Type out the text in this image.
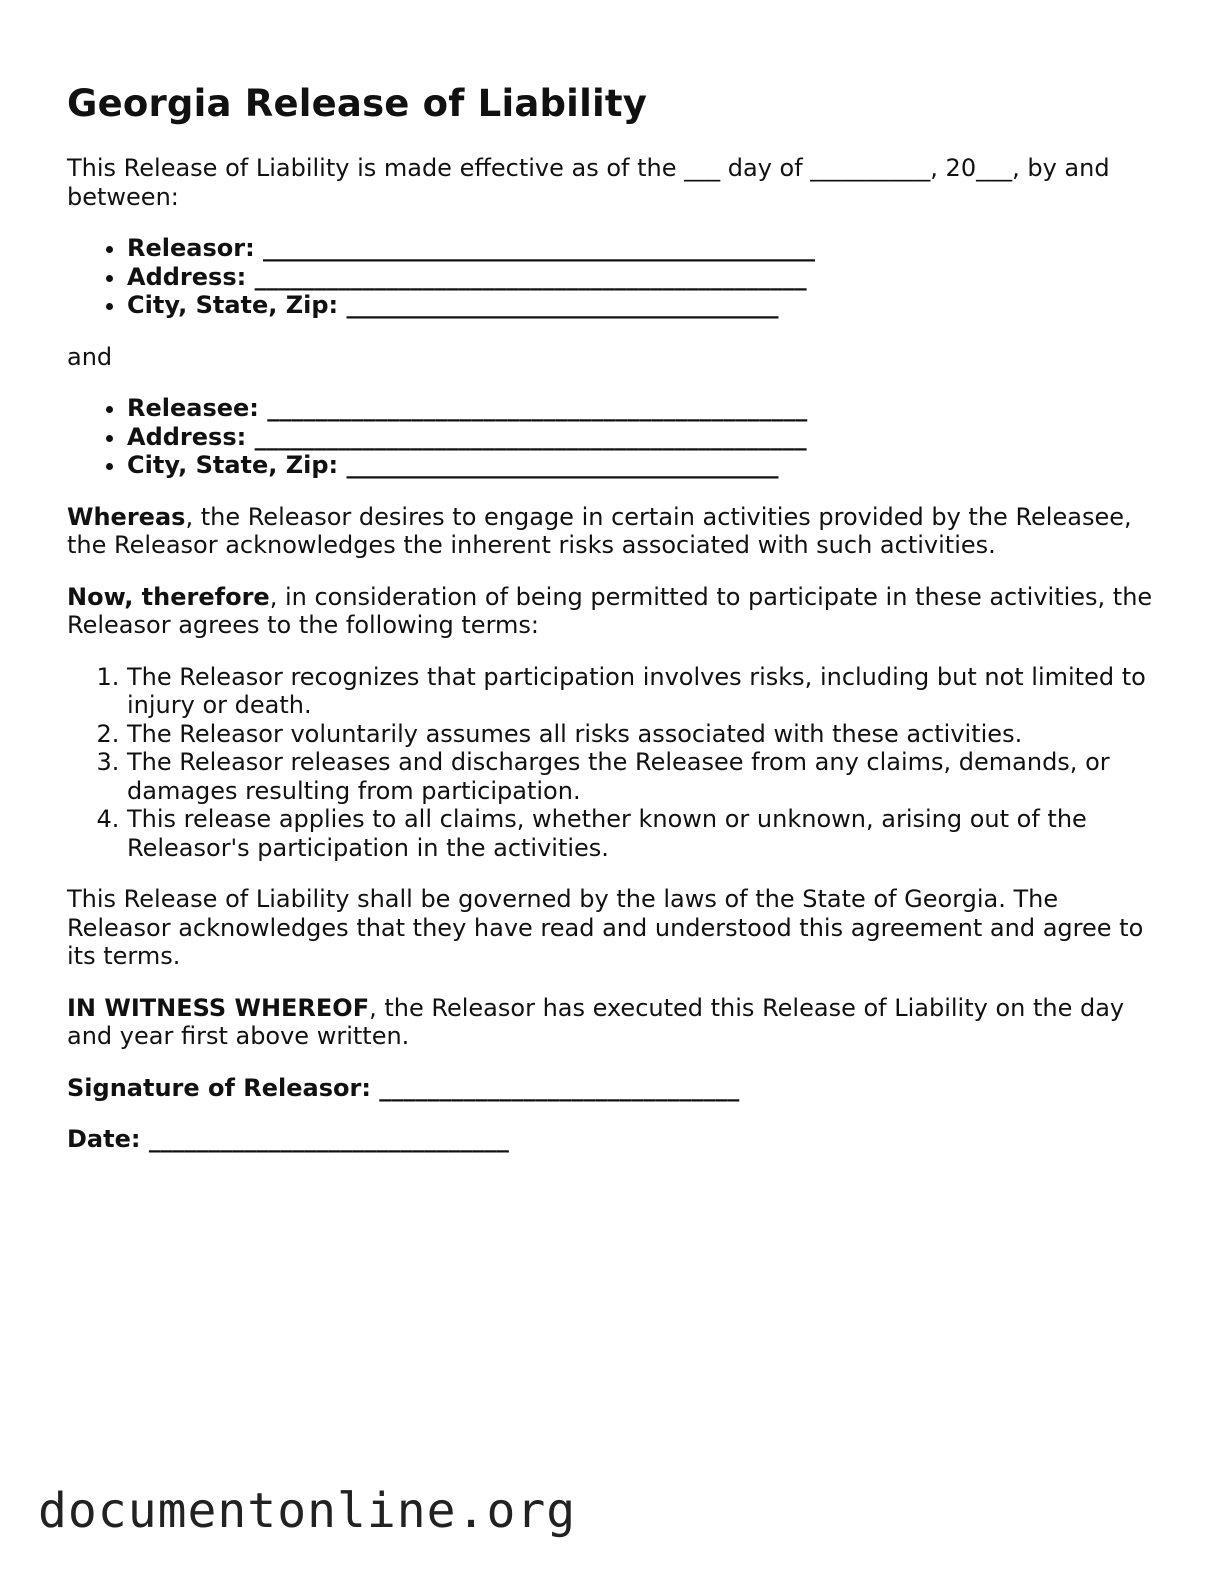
Georgia Release of Liability

This Release of Liability is made effective as of the ___ day of __________, 20___, by and between:

• Releasor: ______________________________________________
• Address: ______________________________________________
• City, State, Zip: ____________________________________

and

• Releasee: _____________________________________________
• Address: ______________________________________________
• City, State, Zip: ____________________________________

Whereas, the Releasor desires to engage in certain activities provided by the Releasee, the Releasor acknowledges the inherent risks associated with such activities.

Now, therefore, in consideration of being permitted to participate in these activities, the Releasor agrees to the following terms:

1. The Releasor recognizes that participation involves risks, including but not limited to injury or death.
2. The Releasor voluntarily assumes all risks associated with these activities.
3. The Releasor releases and discharges the Releasee from any claims, demands, or damages resulting from participation.
4. This release applies to all claims, whether known or unknown, arising out of the Releasor's participation in the activities.

This Release of Liability shall be governed by the laws of the State of Georgia. The Releasor acknowledges that they have read and understood this agreement and agree to its terms.

IN WITNESS WHEREOF, the Releasor has executed this Release of Liability on the day and year first above written.

Signature of Releasor: ______________________________

Date: ______________________________

documentonline.org
